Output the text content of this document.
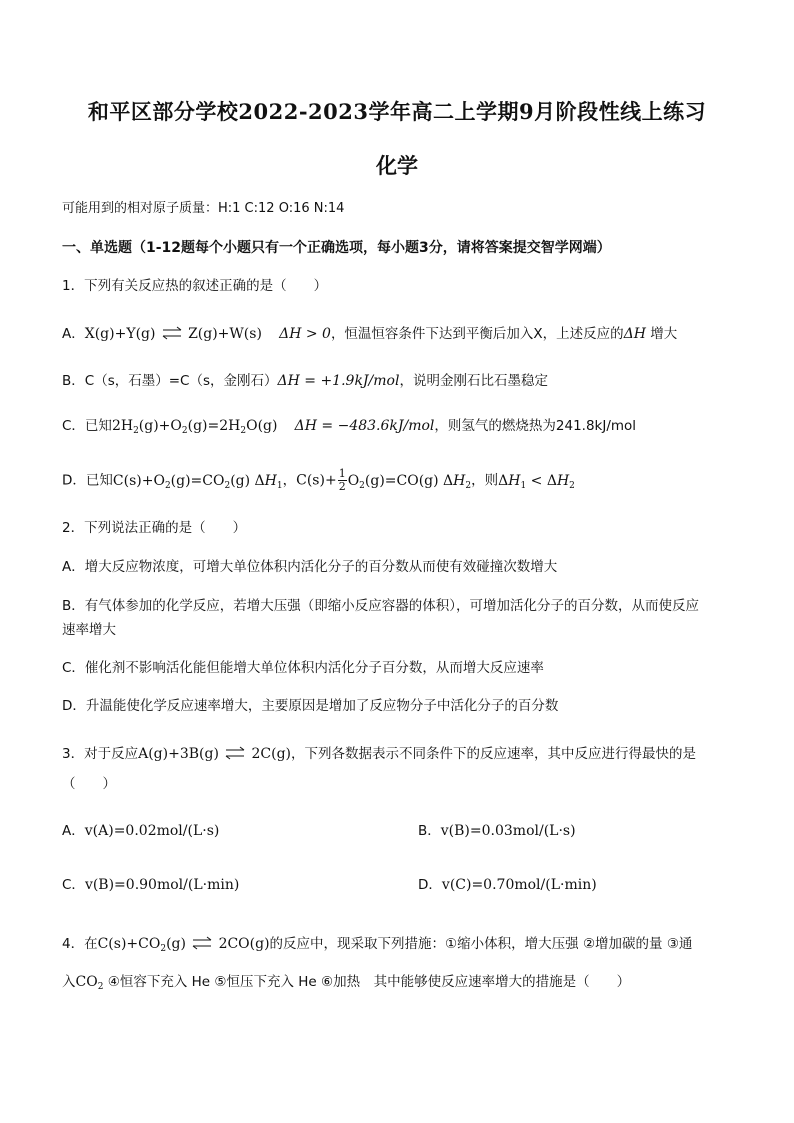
和平区部分学校2022-2023学年高二上学期9月阶段性线上练习
化学
可能用到的相对原子质量：H:1 C:12 O:16 N:14
一、单选题（1-12题每个小题只有一个正确选项，每小题3分，请将答案提交智学网端）
1．下列有关反应热的叙述正确的是（　　）
A．X(g)+Y(g) ⇌ Z(g)+W(s) ΔH > 0，恒温恒容条件下达到平衡后加入X，上述反应的ΔH 增大
B．C（s，石墨）=C（s，金刚石）ΔH = +1.9kJ/mol，说明金刚石比石墨稳定
C．已知$2H_2(g)+O_2(g)=2H_2O(g) \Delta H = -483.6kJ/mol$，则氢气的燃烧热为241.8kJ/mol
D．已知$C(s)+O_2(g)=CO_2(g)$ $\Delta H_1$，$C(s)+ \frac{1}{2} O_2(g)=CO(g)$ $\Delta H_2$，则$\Delta H_1 < \Delta H_2$
2．下列说法正确的是（　　）
A．增大反应物浓度，可增大单位体积内活化分子的百分数从而使有效碰撞次数增大
B．有气体参加的化学反应，若增大压强（即缩小反应容器的体积），可增加活化分子的百分数，从而使反应
速率增大
C．催化剂不影响活化能但能增大单位体积内活化分子百分数，从而增大反应速率
D．升温能使化学反应速率增大，主要原因是增加了反应物分子中活化分子的百分数
3．对于反应A(g)+3B(g) ⇌ 2C(g)，下列各数据表示不同条件下的反应速率，其中反应进行得最快的是
（　　）
A．v(A)=0.02mol/(L·s)	B．v(B)=0.03mol/(L·s)
C．v(B)=0.90mol/(L·min)	D．v(C)=0.70mol/(L·min)
4．在$C(s)+CO_2(g)$ ⇌ 2CO(g)的反应中，现采取下列措施：①缩小体积，增大压强 ②增加碳的量 ③通
入$CO_2$ ④恒容下充入 He ⑤恒压下充入 He ⑥加热　其中能够使反应速率增大的措施是（　　）
